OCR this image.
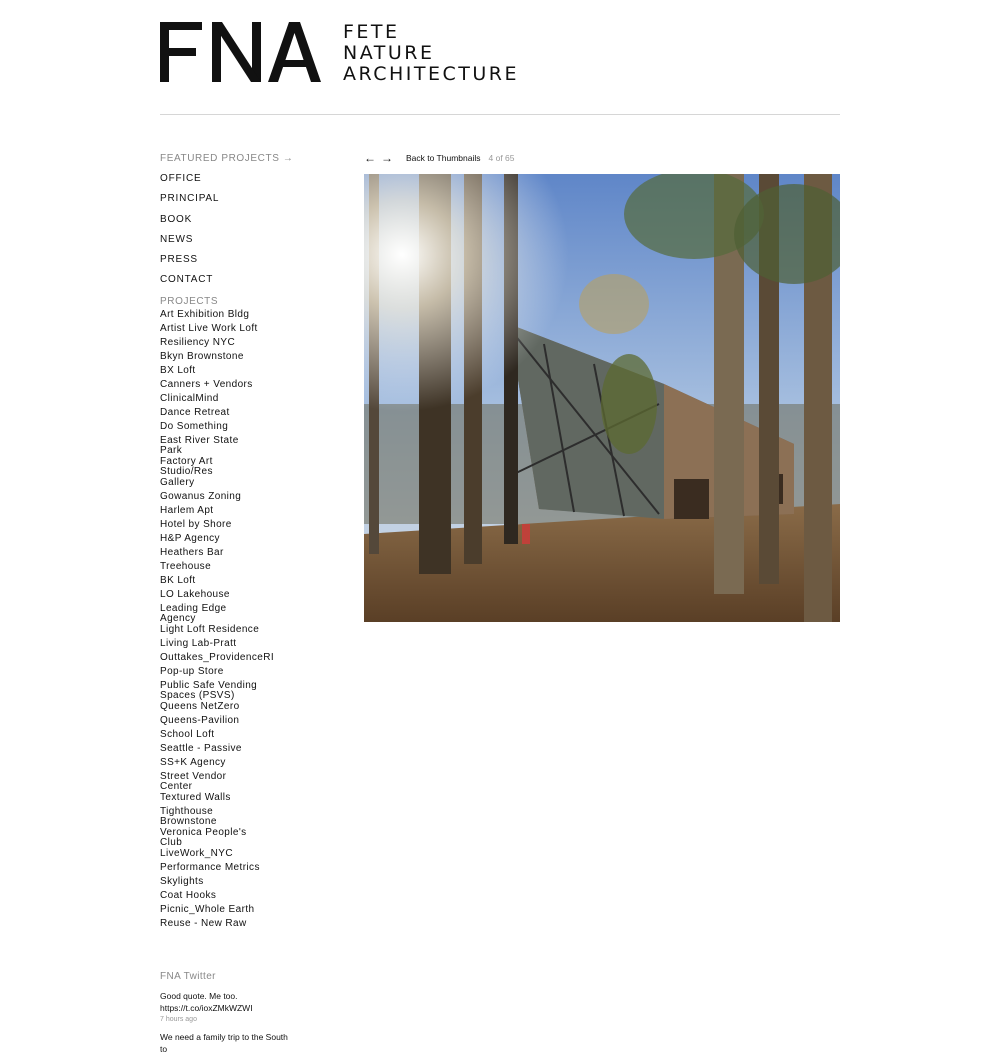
FETE
NATURE
ARCHITECTURE
FEATURED PROJECTS →
OFFICE
PRINCIPAL
BOOK
NEWS
PRESS
CONTACT
PROJECTS
Art Exhibition Bldg
Artist Live Work Loft
Resiliency NYC
Bkyn Brownstone
BX Loft
Canners + Vendors
ClinicalMind
Dance Retreat
Do Something
East River State Park
Factory Art Studio/Res
Gallery
Gowanus Zoning
Harlem Apt
Hotel by Shore
H&P Agency
Heathers Bar
Treehouse
BK Loft
LO Lakehouse
Leading Edge Agency
Light Loft Residence
Living Lab-Pratt
Outtakes_ProvidenceRI
Pop-up Store
Public Safe Vending Spaces (PSVS)
Queens NetZero
Queens-Pavilion
School Loft
Seattle - Passive
SS+K Agency
Street Vendor Center
Textured Walls
Tighthouse Brownstone
Veronica People's Club
LiveWork_NYC
Performance Metrics
Skylights
Coat Hooks
Picnic_Whole Earth
Reuse - New Raw
FNA Twitter
Good quote. Me too. https://t.co/ioxZMkWZWI
7 hours ago
We need a family trip to the South to
← → Back to Thumbnails 4 of 65
